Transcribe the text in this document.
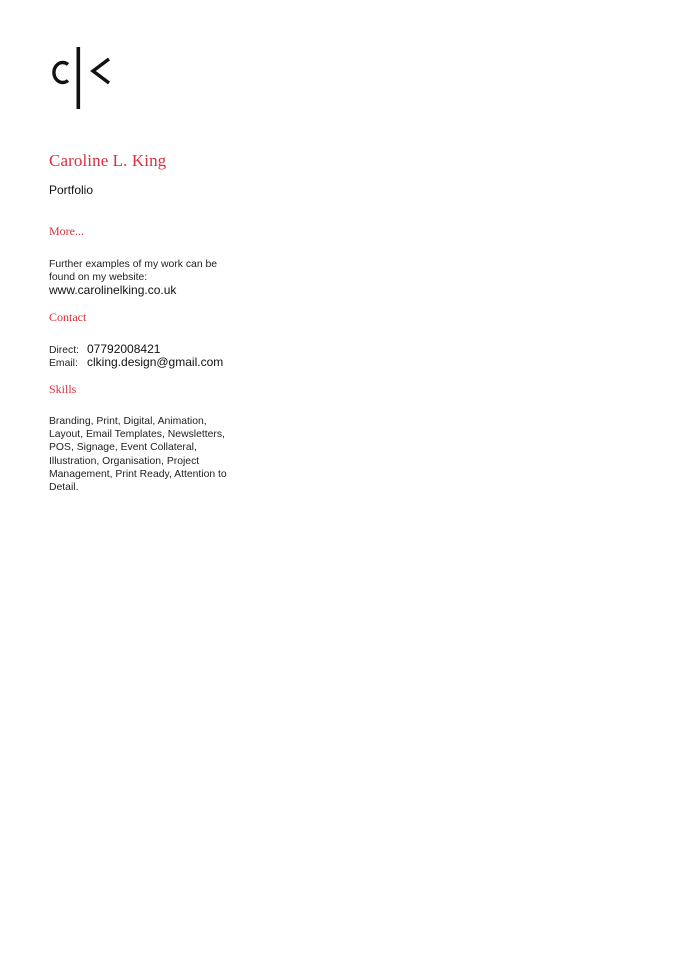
Caroline L. King

Portfolio

More...

Further examples of my work can be found on my website:

www.carolinelking.co.uk
Contact
Direct: 07792008421
Email: clking.design@gmail.com
Skills

Branding, Print, Digital, Animation, Layout, Email Templates, Newsletters, POS, Signage, Event Collateral, Illustration, Organisation, Project Management, Print Ready, Attention to Detail.
